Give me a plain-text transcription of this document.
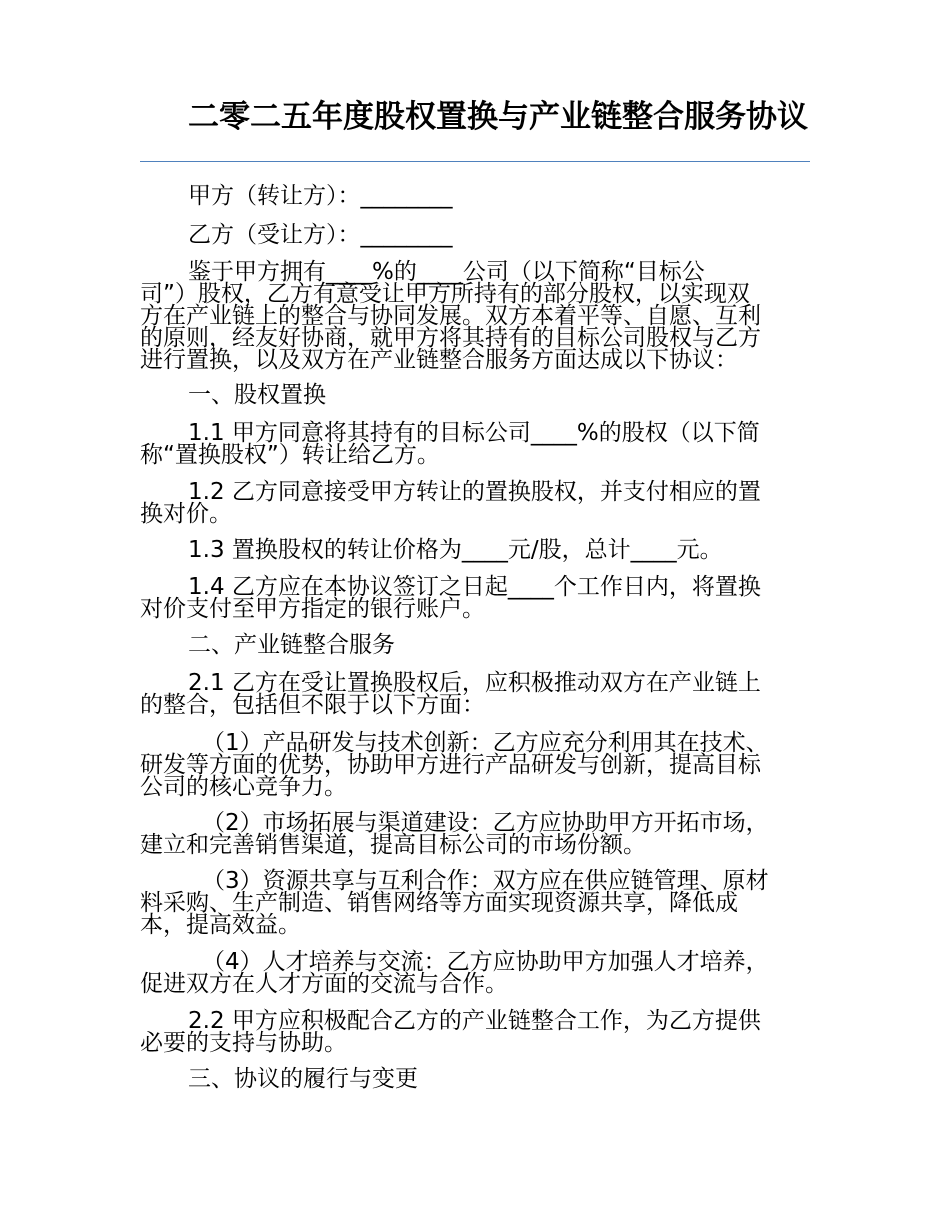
二零二五年度股权置换与产业链整合服务协议
甲方（转让方）：________
乙方（受让方）：________
鉴于甲方拥有____%的____公司（以下简称“目标公
司”）股权，乙方有意受让甲方所持有的部分股权，以实现双
方在产业链上的整合与协同发展。双方本着平等、自愿、互利
的原则，经友好协商，就甲方将其持有的目标公司股权与乙方
进行置换，以及双方在产业链整合服务方面达成以下协议：
一、股权置换
1.1 甲方同意将其持有的目标公司____%的股权（以下简
称“置换股权”）转让给乙方。
1.2 乙方同意接受甲方转让的置换股权，并支付相应的置
换对价。
1.3 置换股权的转让价格为____元/股，总计____元。
1.4 乙方应在本协议签订之日起____个工作日内，将置换
对价支付至甲方指定的银行账户。
二、产业链整合服务
2.1 乙方在受让置换股权后，应积极推动双方在产业链上
的整合，包括但不限于以下方面：
（1）产品研发与技术创新：乙方应充分利用其在技术、
研发等方面的优势，协助甲方进行产品研发与创新，提高目标
公司的核心竞争力。
（2）市场拓展与渠道建设：乙方应协助甲方开拓市场，
建立和完善销售渠道，提高目标公司的市场份额。
（3）资源共享与互利合作：双方应在供应链管理、原材
料采购、生产制造、销售网络等方面实现资源共享，降低成
本，提高效益。
（4）人才培养与交流：乙方应协助甲方加强人才培养，
促进双方在人才方面的交流与合作。
2.2 甲方应积极配合乙方的产业链整合工作，为乙方提供
必要的支持与协助。
三、协议的履行与变更
